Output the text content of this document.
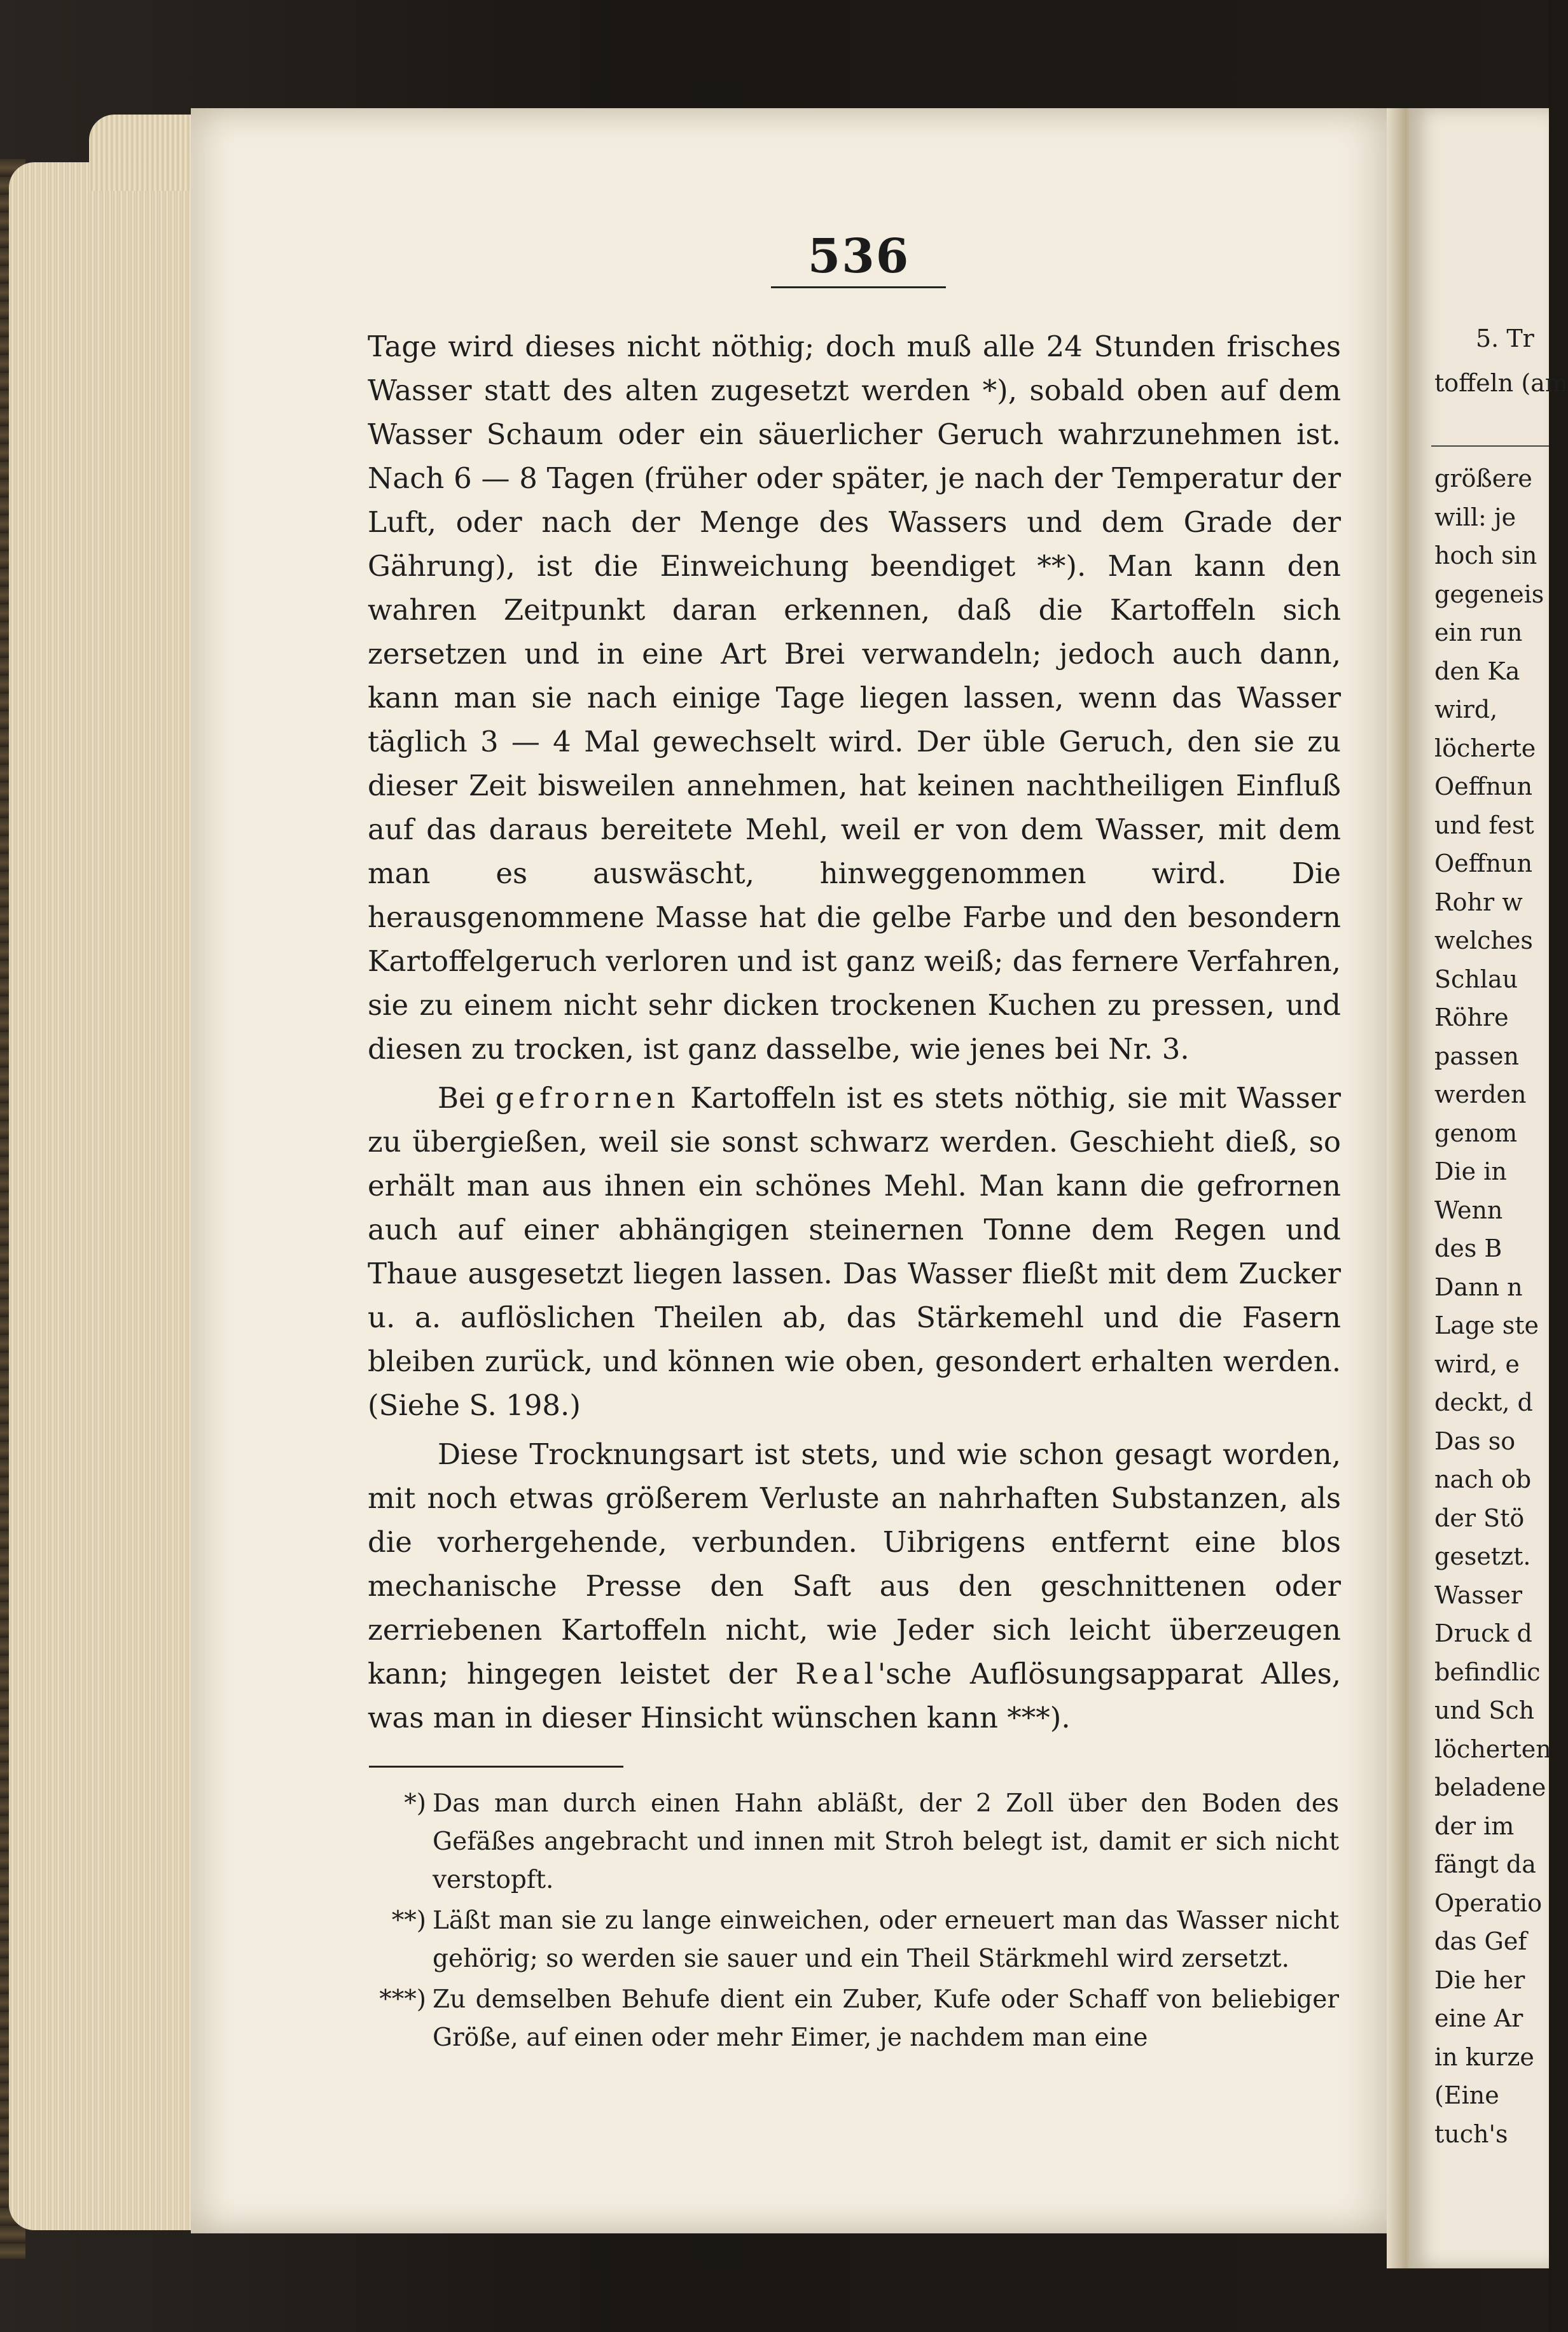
536

Tage wird dieses nicht nöthig; doch muß alle 24 Stunden frisches Wasser statt des alten zugesetzt werden *), sobald oben auf dem Wasser Schaum oder ein säuerlicher Geruch wahrzunehmen ist. Nach 6 — 8 Tagen (früher oder später, je nach der Temperatur der Luft, oder nach der Menge des Wassers und dem Grade der Gährung), ist die Einweichung beendiget **). Man kann den wahren Zeitpunkt daran erkennen, daß die Kartoffeln sich zersetzen und in eine Art Brei verwandeln; jedoch auch dann, kann man sie nach einige Tage liegen lassen, wenn das Wasser täglich 3 — 4 Mal gewechselt wird. Der üble Geruch, den sie zu dieser Zeit bisweilen annehmen, hat keinen nachtheiligen Einfluß auf das daraus bereitete Mehl, weil er von dem Wasser, mit dem man es auswäscht, hinweggenommen wird. Die herausgenommene Masse hat die gelbe Farbe und den besondern Kartoffelgeruch verloren und ist ganz weiß; das fernere Verfahren, sie zu einem nicht sehr dicken trockenen Kuchen zu pressen, und diesen zu trocken, ist ganz dasselbe, wie jenes bei Nr. 3.

Bei gefrornen Kartoffeln ist es stets nöthig, sie mit Wasser zu übergießen, weil sie sonst schwarz werden. Geschieht dieß, so erhält man aus ihnen ein schönes Mehl. Man kann die gefrornen auch auf einer abhängigen steinernen Tonne dem Regen und Thaue ausgesetzt liegen lassen. Das Wasser fließt mit dem Zucker u. a. auflöslichen Theilen ab, das Stärkemehl und die Fasern bleiben zurück, und können wie oben, gesondert erhalten werden. (Siehe S. 198.)

Diese Trocknungsart ist stets, und wie schon gesagt worden, mit noch etwas größerem Verluste an nahrhaften Substanzen, als die vorhergehende, verbunden. Uibrigens entfernt eine blos mechanische Presse den Saft aus den geschnittenen oder zerriebenen Kartoffeln nicht, wie Jeder sich leicht überzeugen kann; hingegen leistet der Real'sche Auflösungsapparat Alles, was man in dieser Hinsicht wünschen kann ***).

*) Das man durch einen Hahn abläßt, der 2 Zoll über den Boden des Gefäßes angebracht und innen mit Stroh belegt ist, damit er sich nicht verstopft.
**) Läßt man sie zu lange einweichen, oder erneuert man das Wasser nicht gehörig; so werden sie sauer und ein Theil Stärkmehl wird zersetzt.
***) Zu demselben Behufe dient ein Zuber, Kufe oder Schaff von beliebiger Größe, auf einen oder mehr Eimer, je nachdem man eine
5. Tr
toffeln (am
größere
will: je
hoch sin
gegeneis
ein run
den Ka
wird,
löcherte
Oeffnun
und fest
Oeffnun
Rohr w
welches
Schlau
Röhre
passen
werden
genom
Die in
Wenn
des B
Dann n
Lage ste
wird, e
deckt, d
Das so
nach ob
der Stö
gesetzt.
Wasser
Druck d
befindlic
und Sch
löcherten
beladene
der im
fängt da
Operatio
das Gef
Die her
eine Ar
in kurze
(Eine
tuch's
